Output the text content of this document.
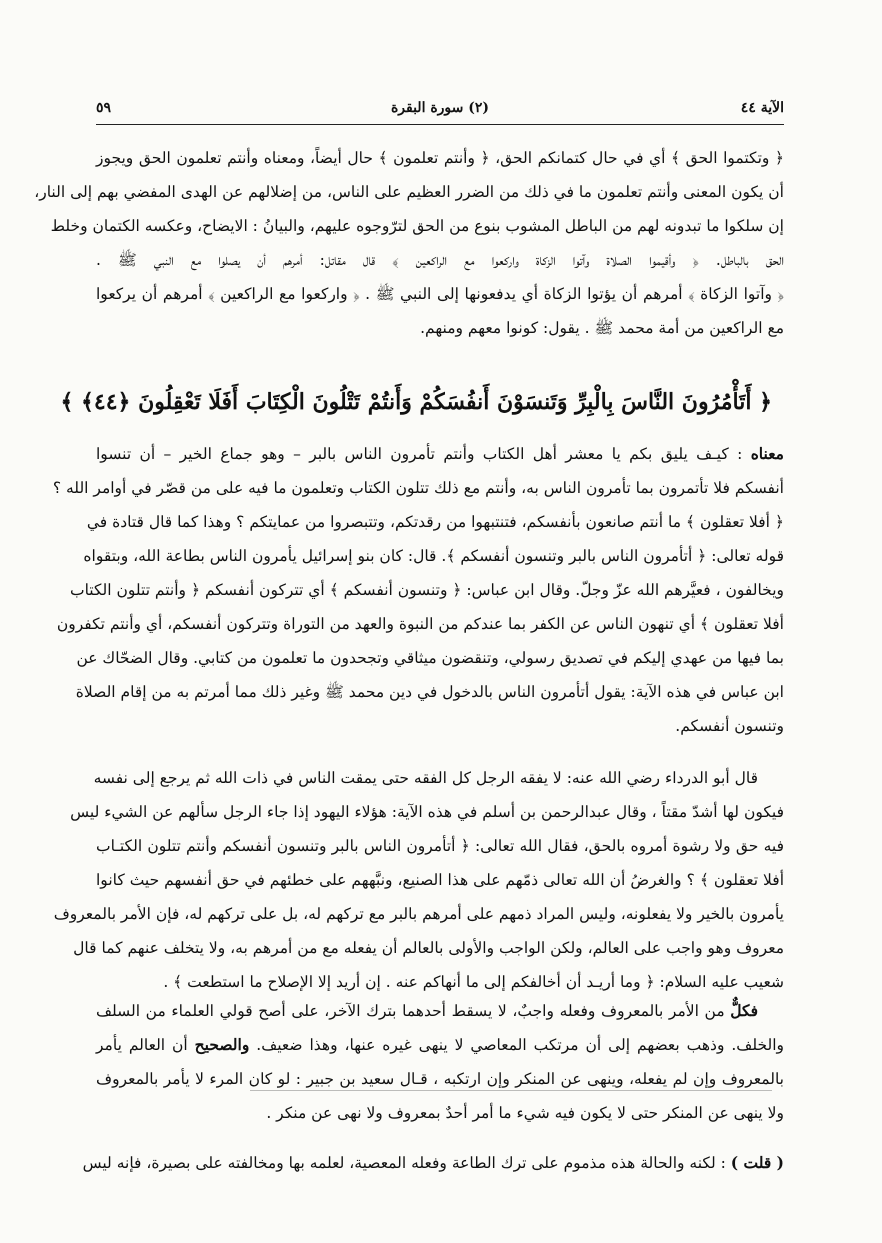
الآية ٤٤
(٢) سورة البقرة
٥٩
﴿ وتكتموا الحق ﴾ أي في حال كتمانكم الحق، ﴿ وأنتم تعلمون ﴾ حال أيضاً، ومعناه وأنتم تعلمون الحق ويجوز
أن يكون المعنى وأنتم تعلمون ما في ذلك من الضرر العظيم على الناس، من إضلالهم عن الهدى المفضي بهم إلى النار،
إن سلكوا ما تبدونه لهم من الباطل المشوب بنوع من الحق لترّوجوه عليهم، والبيانُ : الايضاح، وعكسه الكتمان وخلط
الحق بالباطل. ﴿ وأقيموا الصلاة وآتوا الزكاة واركعوا مع الراكعين ﴾ قال مقاتل: أمرهم أن يصلوا مع النبي ﷺ .
﴿ وآتوا الزكاة ﴾ أمرهم أن يؤتوا الزكاة أي يدفعونها إلى النبي ﷺ . ﴿ واركعوا مع الراكعين ﴾ أمرهم أن يركعوا
مع الراكعين من أمة محمد ﷺ . يقول: كونوا معهم ومنهم.
﴿ أَتَأْمُرُونَ النَّاسَ بِالْبِرِّ وَتَنسَوْنَ أَنفُسَكُمْ وَأَنتُمْ تَتْلُونَ الْكِتَابَ أَفَلَا تَعْقِلُونَ ﴿٤٤﴾ ﴾
معناه : كيـف يليق بكم يا معشر أهل الكتاب وأنتم تأمرون الناس بالبر – وهو جماع الخير – أن تنسوا
أنفسكم فلا تأتمرون بما تأمرون الناس به، وأنتم مع ذلك تتلون الكتاب وتعلمون ما فيه على من قصّر في أوامر الله ؟
﴿ أفلا تعقلون ﴾ ما أنتم صانعون بأنفسكم، فتنتبهوا من رقدتكم، وتتبصروا من عمايتكم ؟ وهذا كما قال قتادة في
قوله تعالى: ﴿ أتأمرون الناس بالبر وتنسون أنفسكم ﴾. قال: كان بنو إسرائيل يأمرون الناس بطاعة الله، وبتقواه
ويخالفون ، فعيَّرهم الله عزّ وجلّ. وقال ابن عباس: ﴿ وتنسون أنفسكم ﴾ أي تتركون أنفسكم ﴿ وأنتم تتلون الكتاب
أفلا تعقلون ﴾ أي تنهون الناس عن الكفر بما عندكم من النبوة والعهد من التوراة وتتركون أنفسكم، أي وأنتم تكفرون
بما فيها من عهدي إليكم في تصديق رسولي، وتنقضون ميثاقي وتجحدون ما تعلمون من كتابي. وقال الضحّاك عن
ابن عباس في هذه الآية: يقول أتأمرون الناس بالدخول في دين محمد ﷺ وغير ذلك مما أمرتم به من إقام الصلاة
وتنسون أنفسكم.
قال أبو الدرداء رضي الله عنه: لا يفقه الرجل كل الفقه حتى يمقت الناس في ذات الله ثم يرجع إلى نفسه
فيكون لها أشدّ مقتاً ، وقال عبدالرحمن بن أسلم في هذه الآية: هؤلاء اليهود إذا جاء الرجل سألهم عن الشيء ليس
فيه حق ولا رشوة أمروه بالحق، فقال الله تعالى: ﴿ أتأمرون الناس بالبر وتنسون أنفسكم وأنتم تتلون الكتـاب
أفلا تعقلون ﴾ ؟ والغرضُ أن الله تعالى ذمّهم على هذا الصنيع، ونبَّههم على خطئهم في حق أنفسهم حيث كانوا
يأمرون بالخير ولا يفعلونه، وليس المراد ذمهم على أمرهم بالبر مع تركهم له، بل على تركهم له، فإن الأمر بالمعروف
معروف وهو واجب على العالم، ولكن الواجب والأولى بالعالم أن يفعله مع من أمرهم به، ولا يتخلف عنهم كما قال
شعيب عليه السلام: ﴿ وما أريـد أن أخالفكم إلى ما أنهاكم عنه . إن أريد إلا الإصلاح ما استطعت ﴾ .
فكلٌّ من الأمر بالمعروف وفعله واجبٌ، لا يسقط أحدهما بترك الآخر، على أصح قولي العلماء من السلف
والخلف. وذهب بعضهم إلى أن مرتكب المعاصي لا ينهى غيره عنها، وهذا ضعيف. والصحيح أن العالم يأمر
بالمعروف وإن لم يفعله، وينهى عن المنكر وإن ارتكبه ، قـال سعيد بن جبير : لو كان المرء لا يأمر بالمعروف
ولا ينهى عن المنكر حتى لا يكون فيه شيء ما أمر أحدٌ بمعروف ولا نهى عن منكر .
( قلت ) : لكنه والحالة هذه مذموم على ترك الطاعة وفعله المعصية، لعلمه بها ومخالفته على بصيرة، فإنه ليس
